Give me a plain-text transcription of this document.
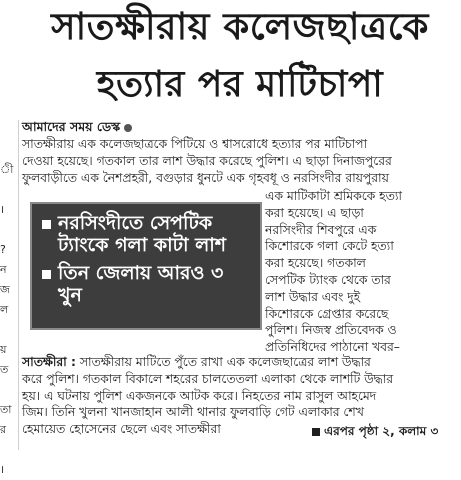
ী
।
?
ন
জ
ল
য়
ত
তা
র
।
সাতক্ষীরায় কলেজছাত্রকে
হত্যার পর মাটিচাপা
আমাদের সময় ডেস্ক
সাতক্ষীরায় এক কলেজছাত্রকে পিটিয়ে ও শ্বাসরোধে হত্যার পর মাটিচাপা
দেওয়া হয়েছে। গতকাল তার লাশ উদ্ধার করেছে পুলিশ। এ ছাড়া দিনাজপুরের
ফুলবাড়ীতে এক নৈশপ্রহরী, বগুড়ার ধুনটে এক গৃহবধূ ও নরসিংদীর রায়পুরায়
এক মাটিকাটা শ্রমিককে হত্যা
করা হয়েছে। এ ছাড়া
নরসিংদীর শিবপুরে এক
কিশোরকে গলা কেটে হত্যা
করা হয়েছে। গতকাল
সেপটিক ট্যাংক থেকে তার
লাশ উদ্ধার এবং দুই
কিশোরকে গ্রেপ্তার করেছে
পুলিশ। নিজস্ব প্রতিবেদক ও
প্রতিনিধিদের পাঠানো খবর–
নরসিংদীতে সেপটিক ট্যাংকে গলা কাটা লাশ
তিন জেলায় আরও ৩ খুন
সাতক্ষীরা : সাতক্ষীরায় মাটিতে পুঁতে রাখা এক কলেজছাত্রের লাশ উদ্ধার
করে পুলিশ। গতকাল বিকালে শহরের চালতেতলা এলাকা থেকে লাশটি উদ্ধার
হয়। এ ঘটনায় পুলিশ একজনকে আটক করে। নিহতের নাম রাসুল আহমেদ
জিম। তিনি খুলনা খানজাহান আলী থানার ফুলবাড়ি গেট এলাকার শেখ
হেমায়েত হোসেনের ছেলে এবং সাতক্ষীরা	এরপর পৃষ্ঠা ২, কলাম ৩
